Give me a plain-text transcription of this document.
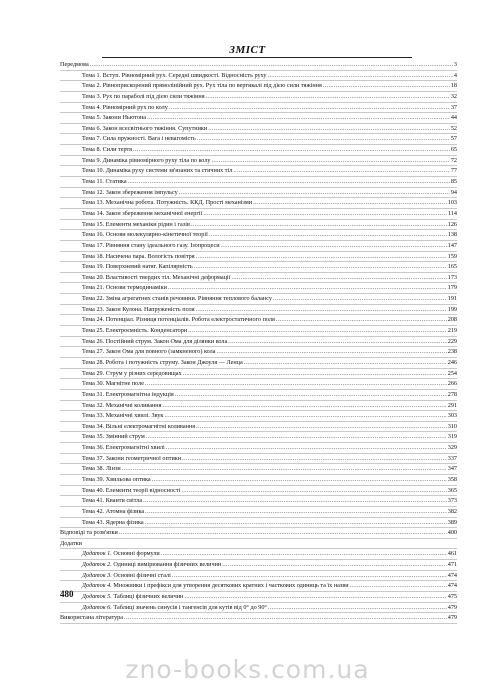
ЗМІСТ
Передмова .....	3
Тема 1. Вступ. Рівномірний рух. Середні швидкості. Відносність руху .....	4
Тема 2. Рівноприскорений прямолінійний рух. Рух тіла по вертикалі під дією сили тяжіння .....	18
Тема 3. Рух по параболі під дією сили тяжіння .....	32
Тема 4. Рівномірний рух по колу .....	37
Тема 5. Закони Ньютона .....	44
Тема 6. Закон всесвітнього тяжіння. Супутники .....	52
Тема 7. Сила пружності. Вага і невагомість .....	57
Тема 8. Сили тертя .....	65
Тема 9. Динаміка рівномірного руху тіла по колу .....	72
Тема 10. Динаміка руху системи зв'язаних та стичних тіл .....	77
Тема 11. Статика .....	85
Тема 12. Закон збереження імпульсу .....	94
Тема 13. Механічна робота. Потужність. ККД. Прості механізми .....	103
Тема 14. Закон збереження механічної енергії .....	114
Тема 15. Елементи механіки рідин і газів .....	126
Тема 16. Основи молекулярно-кінетичної теорії .....	138
Тема 17. Рівняння стану ідеального газу. Ізопроцеси .....	147
Тема 18. Насичена пара. Вологість повітря .....	159
Тема 19. Поверхневий натяг. Капілярність .....	165
Тема 20. Властивості твердих тіл. Механічні деформації .....	173
Тема 21. Основи термодинаміки .....	179
Тема 22. Зміна агрегатних станів речовини. Рівняння теплового балансу .....	191
Тема 23. Закон Кулона. Напруженість поля .....	199
Тема 24. Потенціал. Різниця потенціалів. Робота електростатичного поля .....	208
Тема 25. Електроємність. Конденсатори .....	219
Тема 26. Постійний струм. Закон Ома для ділянки кола .....	229
Тема 27. Закон Ома для повного (замкненого) кола .....	238
Тема 28. Робота і потужність струму. Закон Джоуля — Ленца .....	246
Тема 29. Струм у різних середовищах .....	254
Тема 30. Магнітне поле .....	266
Тема 31. Електромагнітна індукція .....	278
Тема 32. Механічні коливання .....	291
Тема 33. Механічні хвилі. Звук .....	303
Тема 34. Вільні електромагнітні коливання .....	310
Тема 35. Змінний струм .....	319
Тема 36. Електромагнітні хвилі .....	329
Тема 37. Закони геометричної оптики .....	337
Тема 38. Лінзи .....	347
Тема 39. Хвильова оптика .....	358
Тема 40. Елементи теорії відносності .....	365
Тема 41. Кванти світла .....	373
Тема 42. Атомна фізика .....	382
Тема 43. Ядерна фізика .....	389
Відповіді та розв'язки .....	400
Додатки
Додаток 1. Основні формули .....	461
Додаток 2. Одиниці вимірювання фізичних величин .....	471
Додаток 3. Основні фізичні сталі .....	474
Додаток 4. Множники і префікси для утворення десяткових кратних і часткових одиниць та їх назви .....	474
Додаток 5. Таблиці фізичних величин .....	475
Додаток 6. Таблиці значень синусів і тангенсів для кутів від 0° до 90° .....	479
Використана література .....	479
480
zno-books.com.ua
